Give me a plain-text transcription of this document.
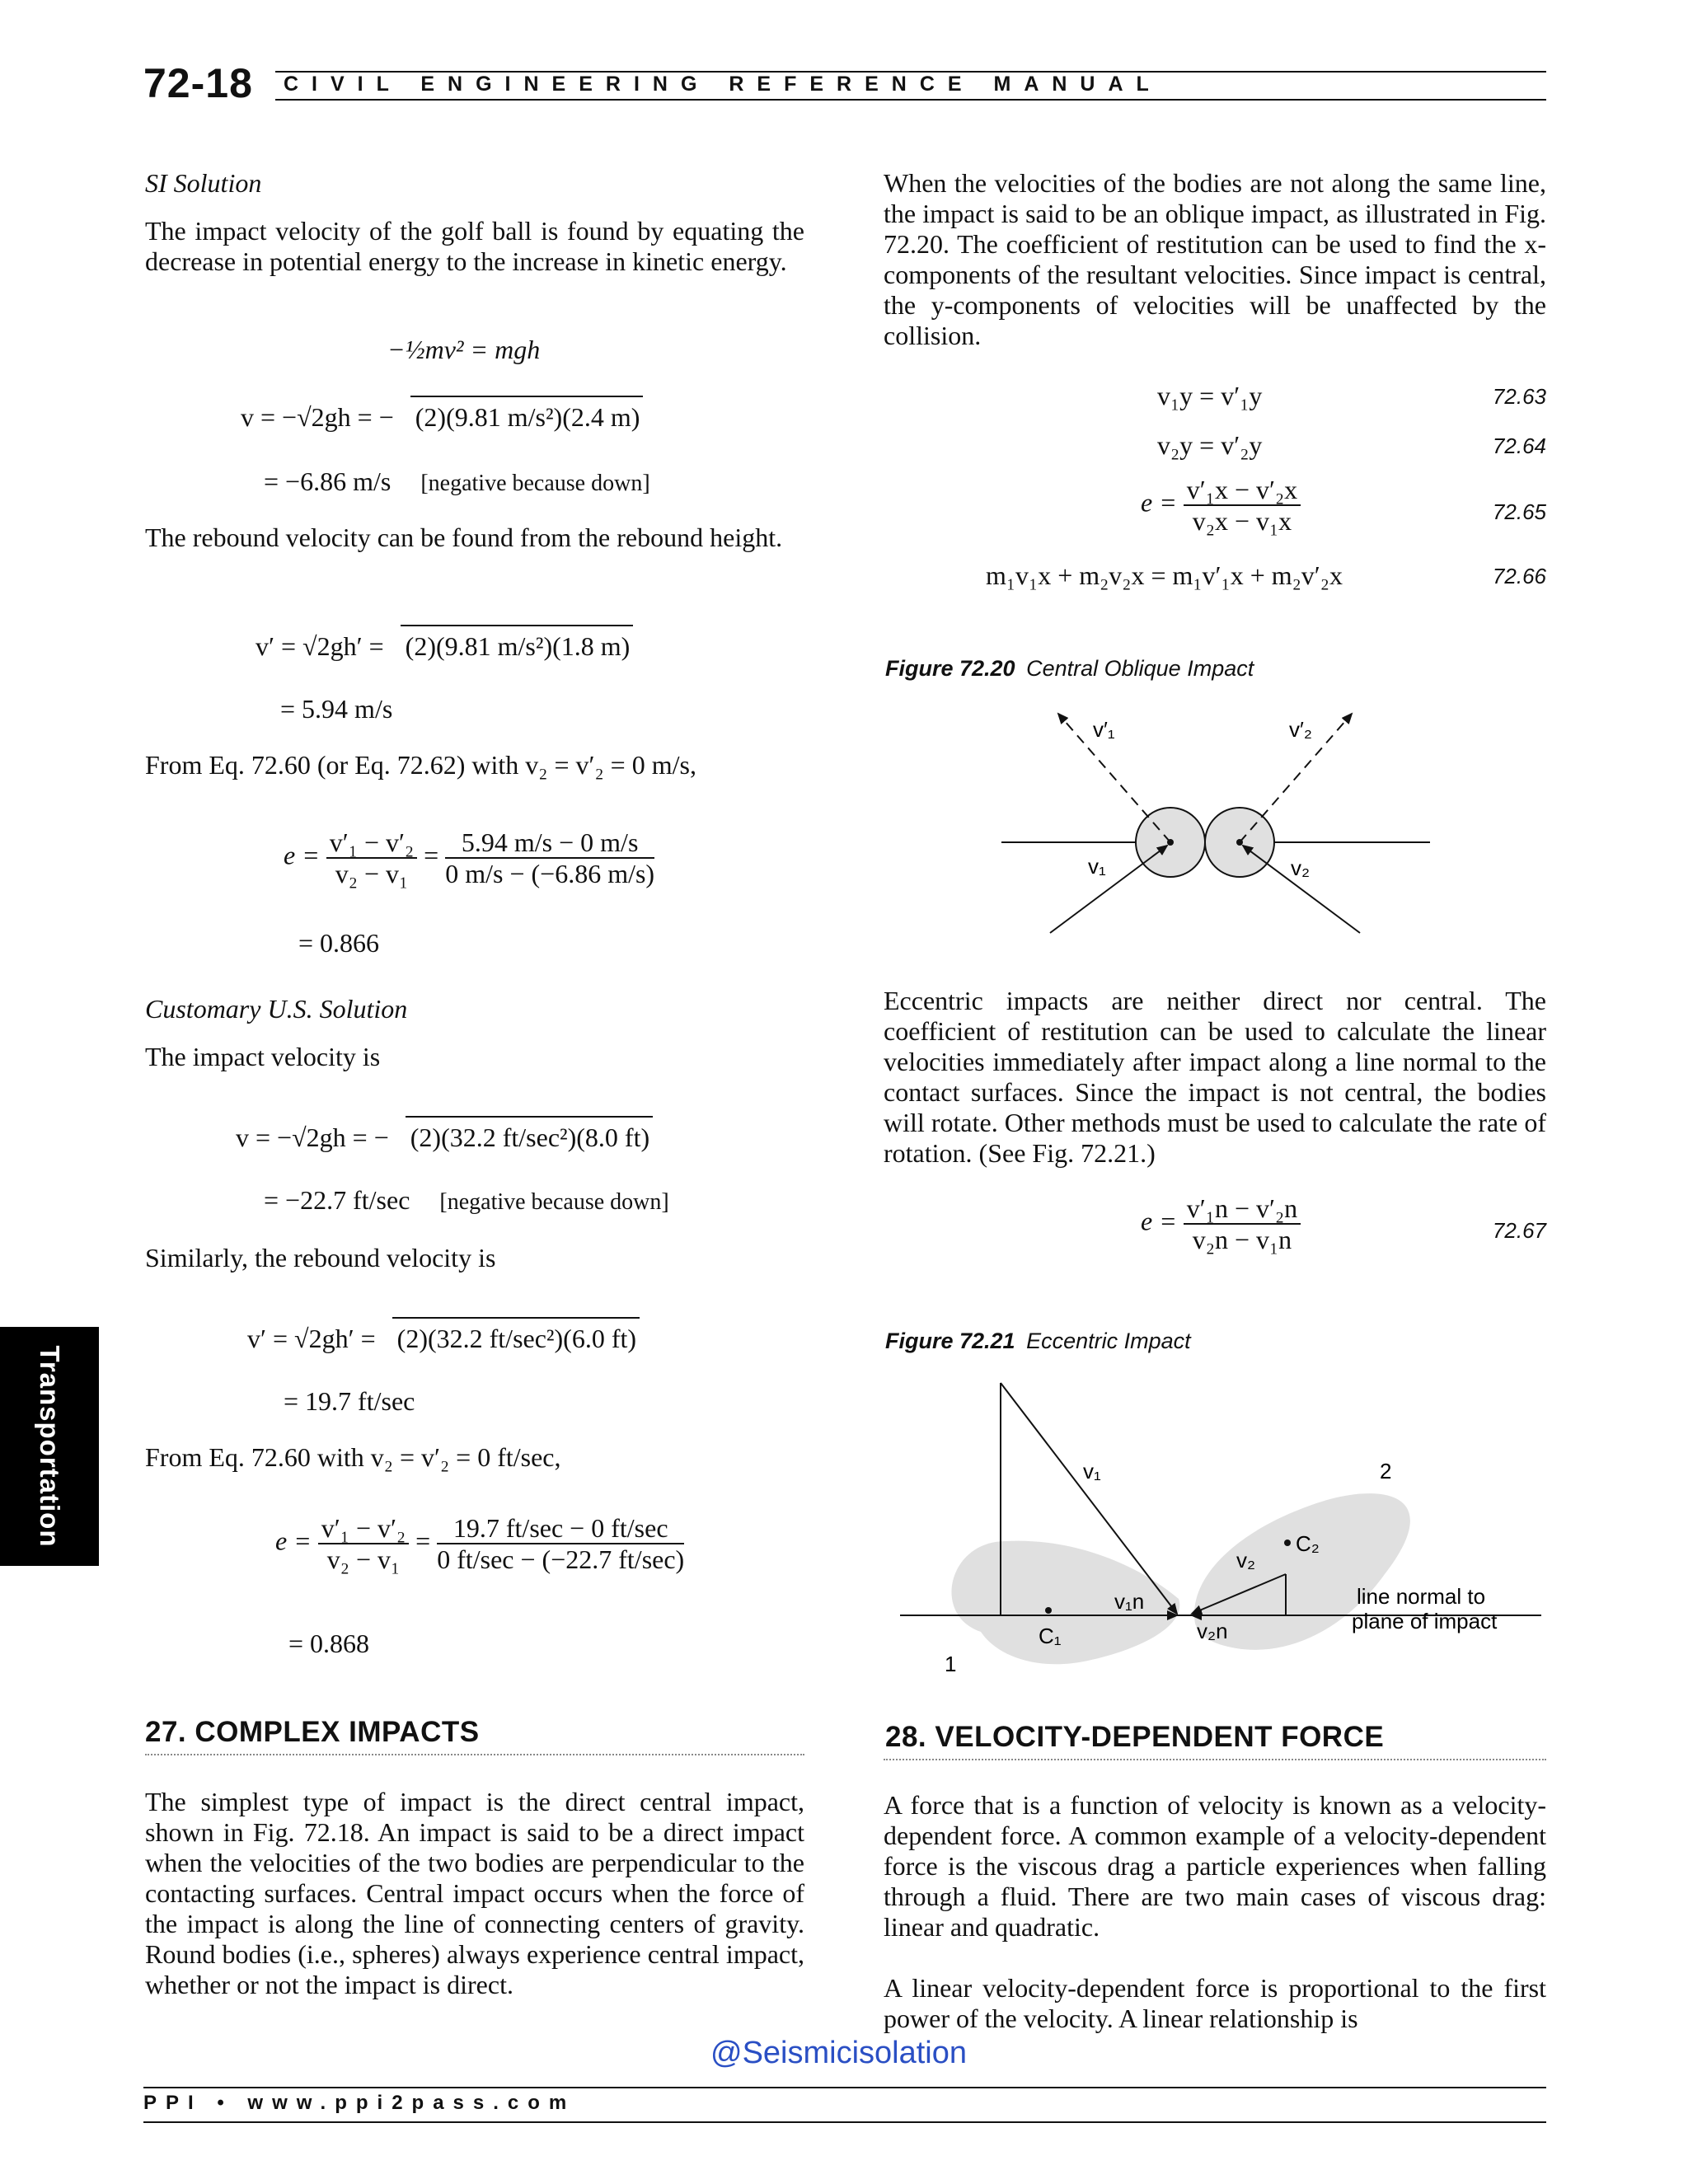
72-18 CIVIL ENGINEERING REFERENCE MANUAL
Transportation
SI Solution
The impact velocity of the golf ball is found by equating the decrease in potential energy to the increase in kinetic energy.
−½mv² = mgh
v = −√2gh = − (2)(9.81 m/s²)(2.4 m)
= −6.86 m/s [negative because down]
The rebound velocity can be found from the rebound height.
v′ = √2gh′ = (2)(9.81 m/s²)(1.8 m)
= 5.94 m/s
From Eq. 72.60 (or Eq. 72.62) with v₂ = v′₂ = 0 m/s,
$e = \frac{\text{v′₁ − v′₂}}{\text{v₂ − v₁}} = \frac{5.94 m/s - 0 m/s}{0 m/s - (-6.86 m/s)}$
= 0.866
Customary U.S. Solution
The impact velocity is
v = −√2gh = − (2)(32.2 ft/sec²)(8.0 ft)
= −22.7 ft/sec [negative because down]
Similarly, the rebound velocity is
v′ = √2gh′ = (2)(32.2 ft/sec²)(6.0 ft)
= 19.7 ft/sec
From Eq. 72.60 with v₂ = v′₂ = 0 ft/sec,
$e = \frac{\text{v′₁ − v′₂}}{\text{v₂ − v₁}} = \frac{19.7 ft/\sec - 0 ft/\sec}{0 ft/\sec - (-22.7 ft/\sec)}$
= 0.868
27. COMPLEX IMPACTS
The simplest type of impact is the direct central impact, shown in Fig. 72.18. An impact is said to be a direct impact when the velocities of the two bodies are perpendicular to the contacting surfaces. Central impact occurs when the force of the impact is along the line of connecting centers of gravity. Round bodies (i.e., spheres) always experience central impact, whether or not the impact is direct.
When the velocities of the bodies are not along the same line, the impact is said to be an oblique impact, as illustrated in Fig. 72.20. The coefficient of restitution can be used to find the x-components of the resultant velocities. Since impact is central, the y-components of velocities will be unaffected by the collision.
v₁y = v′₁y	72.63
v₂y = v′₂y	72.64
$e = \frac{\text{v′₁x − v′₂x}}{\text{v₂x − v₁x}}$	72.65
m₁v₁x + m₂v₂x = m₁v′₁x + m₂v′₂x	72.66
Figure 72.20 Central Oblique Impact
v′₁	v′₂
v₁	v₂
Eccentric impacts are neither direct nor central. The coefficient of restitution can be used to calculate the linear velocities immediately after impact along a line normal to the contact surfaces. Since the impact is not central, the bodies will rotate. Other methods must be used to calculate the rate of rotation. (See Fig. 72.21.)
$e = \frac{\text{v′₁n − v′₂n}}{\text{v₂n − v₁n}}$	72.67
Figure 72.21 Eccentric Impact
v₁
v₂
v₁n
v₂n
C₁
C₂
1
2
line normal to
plane of impact
28. VELOCITY-DEPENDENT FORCE
A force that is a function of velocity is known as a velocity-dependent force. A common example of a velocity-dependent force is the viscous drag a particle experiences when falling through a fluid. There are two main cases of viscous drag: linear and quadratic.
A linear velocity-dependent force is proportional to the first power of the velocity. A linear relationship is
@Seismicisolation
PPI • www.ppi2pass.com
